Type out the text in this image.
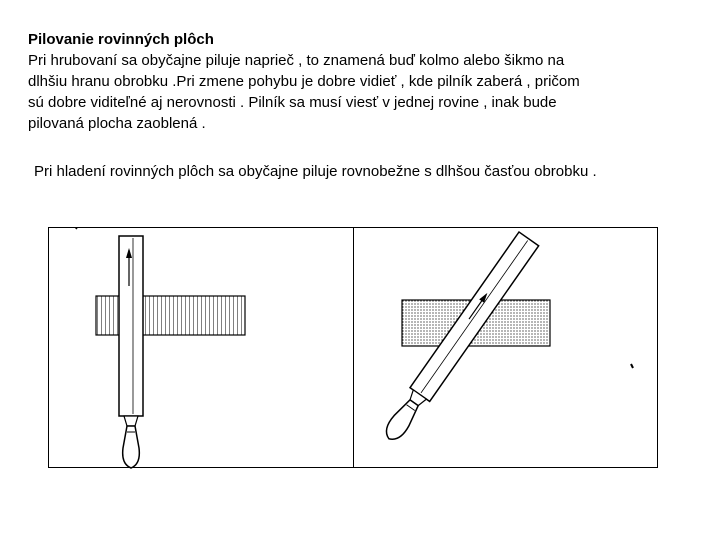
Pilovanie rovinných plôch
Pri hrubovaní sa obyčajne piluje naprieč , to znamená buď kolmo alebo šikmo na
dlhšiu hranu obrobku .Pri zmene pohybu je dobre vidieť , kde pilník zaberá , pričom
sú dobre viditeľné aj nerovnosti . Pilník sa musí viesť v jednej rovine , inak bude
pilovaná plocha zaoblená .
Pri hladení rovinných plôch sa obyčajne piluje rovnobežne s dlhšou časťou obrobku .
